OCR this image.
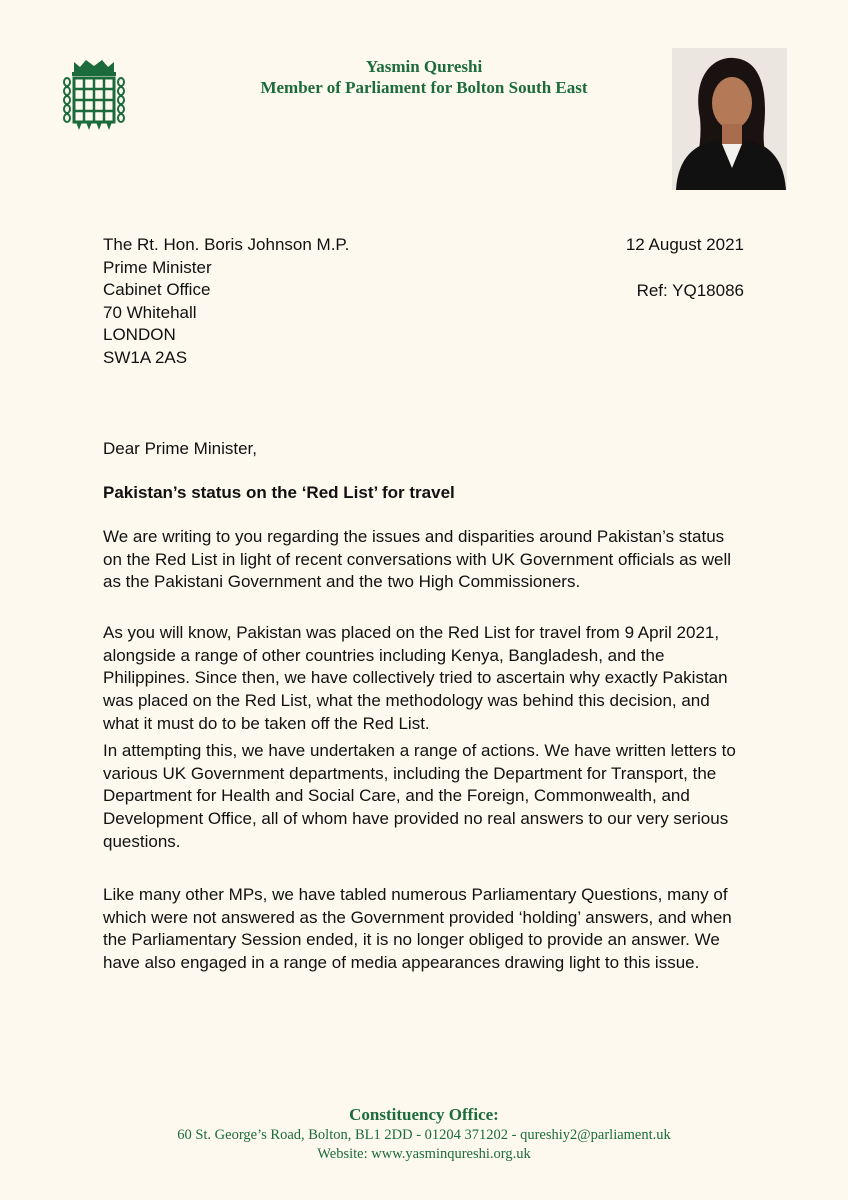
Yasmin Qureshi
Member of Parliament for Bolton South East
The Rt. Hon. Boris Johnson M.P.
Prime Minister
Cabinet Office
70 Whitehall
LONDON
SW1A 2AS
12 August 2021
Ref: YQ18086
Dear Prime Minister,
Pakistan’s status on the ‘Red List’ for travel
We are writing to you regarding the issues and disparities around Pakistan’s status
on the Red List in light of recent conversations with UK Government officials as well
as the Pakistani Government and the two High Commissioners.
As you will know, Pakistan was placed on the Red List for travel from 9 April 2021,
alongside a range of other countries including Kenya, Bangladesh, and the
Philippines. Since then, we have collectively tried to ascertain why exactly Pakistan
was placed on the Red List, what the methodology was behind this decision, and
what it must do to be taken off the Red List.
In attempting this, we have undertaken a range of actions. We have written letters to
various UK Government departments, including the Department for Transport, the
Department for Health and Social Care, and the Foreign, Commonwealth, and
Development Office, all of whom have provided no real answers to our very serious
questions.
Like many other MPs, we have tabled numerous Parliamentary Questions, many of
which were not answered as the Government provided ‘holding’ answers, and when
the Parliamentary Session ended, it is no longer obliged to provide an answer. We
have also engaged in a range of media appearances drawing light to this issue.
Constituency Office:
60 St. George’s Road, Bolton, BL1 2DD - 01204 371202 - qureshiy2@parliament.uk
Website: www.yasminqureshi.org.uk
